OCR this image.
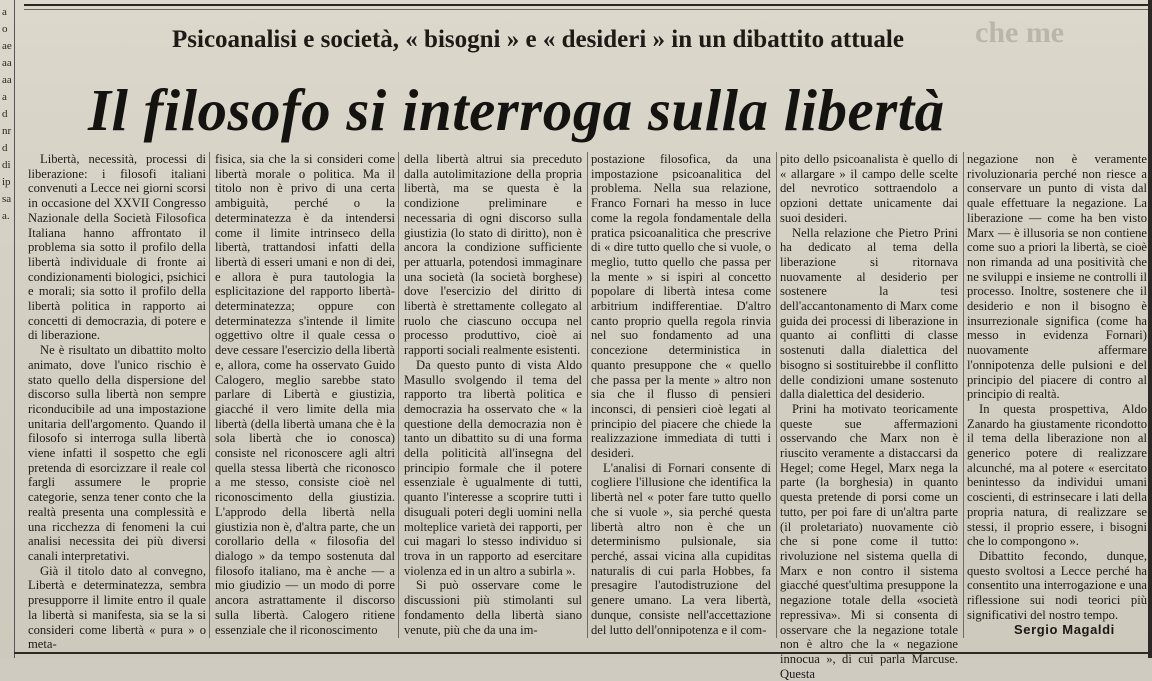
aoaeaaaaadnrddiipsaa.
che me
Psicoanalisi e società, « bisogni » e « desideri » in un dibattito attuale
Il filosofo si interroga sulla libertà

Libertà, necessità, processi di liberazione: i filosofi italiani convenuti a Lecce nei giorni scorsi in occasione del XXVII Congresso Nazionale della Società Filosofica Italiana hanno affrontato il problema sia sotto il profilo della libertà individuale di fronte ai condizionamenti biologici, psichici e morali; sia sotto il profilo della libertà politica in rapporto ai concetti di democrazia, di potere e di liberazione.

Ne è risultato un dibattito molto animato, dove l'unico rischio è stato quello della dispersione del discorso sulla libertà non sempre riconducibile ad una impostazione unitaria dell'argomento. Quando il filosofo si interroga sulla libertà viene infatti il sospetto che egli pretenda di esorcizzare il reale col fargli assumere le proprie categorie, senza tener conto che la realtà presenta una complessità e una ricchezza di fenomeni la cui analisi necessita dei più diversi canali interpretativi.

Già il titolo dato al convegno, Libertà e determinatezza, sembra presupporre il limite entro il quale la libertà si manifesta, sia se la si consideri come libertà « pura » o meta-

fisica, sia che la si consideri come libertà morale o politica. Ma il titolo non è privo di una certa ambiguità, perché o la determinatezza è da intendersi come il limite intrinseco della libertà, trattandosi infatti della libertà di esseri umani e non di dei, e allora è pura tautologia la esplicitazione del rapporto libertà-determinatezza; oppure con determinatezza s'intende il limite oggettivo oltre il quale cessa o deve cessare l'esercizio della libertà e, allora, come ha osservato Guido Calogero, meglio sarebbe stato parlare di Libertà e giustizia, giacché il vero limite della mia libertà (della libertà umana che è la sola libertà che io conosca) consiste nel riconoscere agli altri quella stessa libertà che riconosco a me stesso, consiste cioè nel riconoscimento della giustizia. L'approdo della libertà nella giustizia non è, d'altra parte, che un corollario della « filosofia del dialogo » da tempo sostenuta dal filosofo italiano, ma è anche — a mio giudizio — un modo di porre ancora astrattamente il discorso sulla libertà. Calogero ritiene essenziale che il riconoscimento

della libertà altrui sia preceduto dalla autolimitazione della propria libertà, ma se questa è la condizione preliminare e necessaria di ogni discorso sulla giustizia (lo stato di diritto), non è ancora la condizione sufficiente per attuarla, potendosi immaginare una società (la società borghese) dove l'esercizio del diritto di libertà è strettamente collegato al ruolo che ciascuno occupa nel processo produttivo, cioè ai rapporti sociali realmente esistenti.

Da questo punto di vista Aldo Masullo svolgendo il tema del rapporto tra libertà politica e democrazia ha osservato che « la questione della democrazia non è tanto un dibattito su di una forma della politicità all'insegna del principio formale che il potere essenziale è ugualmente di tutti, quanto l'interesse a scoprire tutti i disuguali poteri degli uomini nella molteplice varietà dei rapporti, per cui magari lo stesso individuo si trova in un rapporto ad esercitare violenza ed in un altro a subirla ».

Si può osservare come le discussioni più stimolanti sul fondamento della libertà siano venute, più che da una im-

postazione filosofica, da una impostazione psicoanalitica del problema. Nella sua relazione, Franco Fornari ha messo in luce come la regola fondamentale della pratica psicoanalitica che prescrive di « dire tutto quello che si vuole, o meglio, tutto quello che passa per la mente » si ispiri al concetto popolare di libertà intesa come arbitrium indifferentiae. D'altro canto proprio quella regola rinvia nel suo fondamento ad una concezione deterministica in quanto presuppone che « quello che passa per la mente » altro non sia che il flusso di pensieri inconsci, di pensieri cioè legati al principio del piacere che chiede la realizzazione immediata di tutti i desideri.

L'analisi di Fornari consente di cogliere l'illusione che identifica la libertà nel « poter fare tutto quello che si vuole », sia perché questa libertà altro non è che un determinismo pulsionale, sia perché, assai vicina alla cupiditas naturalis di cui parla Hobbes, fa presagire l'autodistruzione del genere umano. La vera libertà, dunque, consiste nell'accettazione del lutto dell'onnipotenza e il com-

pito dello psicoanalista è quello di « allargare » il campo delle scelte del nevrotico sottraendolo a opzioni dettate unicamente dai suoi desideri.

Nella relazione che Pietro Prini ha dedicato al tema della liberazione si ritornava nuovamente al desiderio per sostenere la tesi dell'accantonamento di Marx come guida dei processi di liberazione in quanto ai conflitti di classe sostenuti dalla dialettica del bisogno si sostituirebbe il conflitto delle condizioni umane sostenuto dalla dialettica del desiderio.

Prini ha motivato teoricamente queste sue affermazioni osservando che Marx non è riuscito veramente a distaccarsi da Hegel; come Hegel, Marx nega la parte (la borghesia) in quanto questa pretende di porsi come un tutto, per poi fare di un'altra parte (il proletariato) nuovamente ciò che si pone come il tutto: rivoluzione nel sistema quella di Marx e non contro il sistema giacché quest'ultima presuppone la negazione totale della «società repressiva». Mi si consenta di osservare che la negazione totale non è altro che la « negazione innocua », di cui parla Marcuse. Questa

negazione non è veramente rivoluzionaria perché non riesce a conservare un punto di vista dal quale effettuare la negazione. La liberazione — come ha ben visto Marx — è illusoria se non contiene come suo a priori la libertà, se cioè non rimanda ad una positività che ne sviluppi e insieme ne controlli il processo. Inoltre, sostenere che il desiderio e non il bisogno è insurrezionale significa (come ha messo in evidenza Fornari) nuovamente affermare l'onnipotenza delle pulsioni e del principio del piacere di contro al principio di realtà.

In questa prospettiva, Aldo Zanardo ha giustamente ricondotto il tema della liberazione non al generico potere di realizzare alcunché, ma al potere « esercitato benintesso da individui umani coscienti, di estrinsecare i lati della propria natura, di realizzare se stessi, il proprio essere, i bisogni che lo compongono ».

Dibattito fecondo, dunque, questo svoltosi a Lecce perché ha consentito una interrogazione e una riflessione sui nodi teorici più significativi del nostro tempo.

Sergio Magaldi
